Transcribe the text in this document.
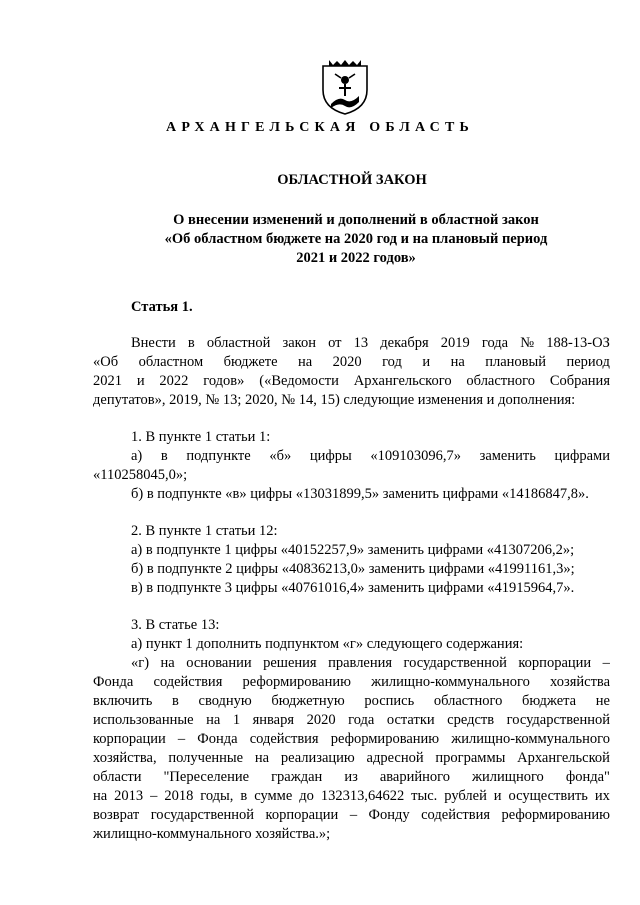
АРХАНГЕЛЬСКАЯ ОБЛАСТЬ
ОБЛАСТНОЙ ЗАКОН
О внесении изменений и дополнений в областной закон
«Об областном бюджете на 2020 год и на плановый период
2021 и 2022 годов»
Статья 1.
Внести в областной закон от 13 декабря 2019 года № 188-13-ОЗ
«Об областном бюджете на 2020 год и на плановый период
2021 и 2022 годов» («Ведомости Архангельского областного Собрания
депутатов», 2019, № 13; 2020, № 14, 15) следующие изменения и дополнения:
1. В пункте 1 статьи 1:
а) в подпункте «б» цифры «109103096,7» заменить цифрами
«110258045,0»;
б) в подпункте «в» цифры «13031899,5» заменить цифрами «14186847,8».
2. В пункте 1 статьи 12:
а) в подпункте 1 цифры «40152257,9» заменить цифрами «41307206,2»;
б) в подпункте 2 цифры «40836213,0» заменить цифрами «41991161,3»;
в) в подпункте 3 цифры «40761016,4» заменить цифрами «41915964,7».
3. В статье 13:
а) пункт 1 дополнить подпунктом «г» следующего содержания:
«г) на основании решения правления государственной корпорации –
Фонда содействия реформированию жилищно-коммунального хозяйства
включить в сводную бюджетную роспись областного бюджета не
использованные на 1 января 2020 года остатки средств государственной
корпорации – Фонда содействия реформированию жилищно-коммунального
хозяйства, полученные на реализацию адресной программы Архангельской
области "Переселение граждан из аварийного жилищного фонда"
на 2013 – 2018 годы, в сумме до 132313,64622 тыс. рублей и осуществить их
возврат государственной корпорации – Фонду содействия реформированию
жилищно-коммунального хозяйства.»;
